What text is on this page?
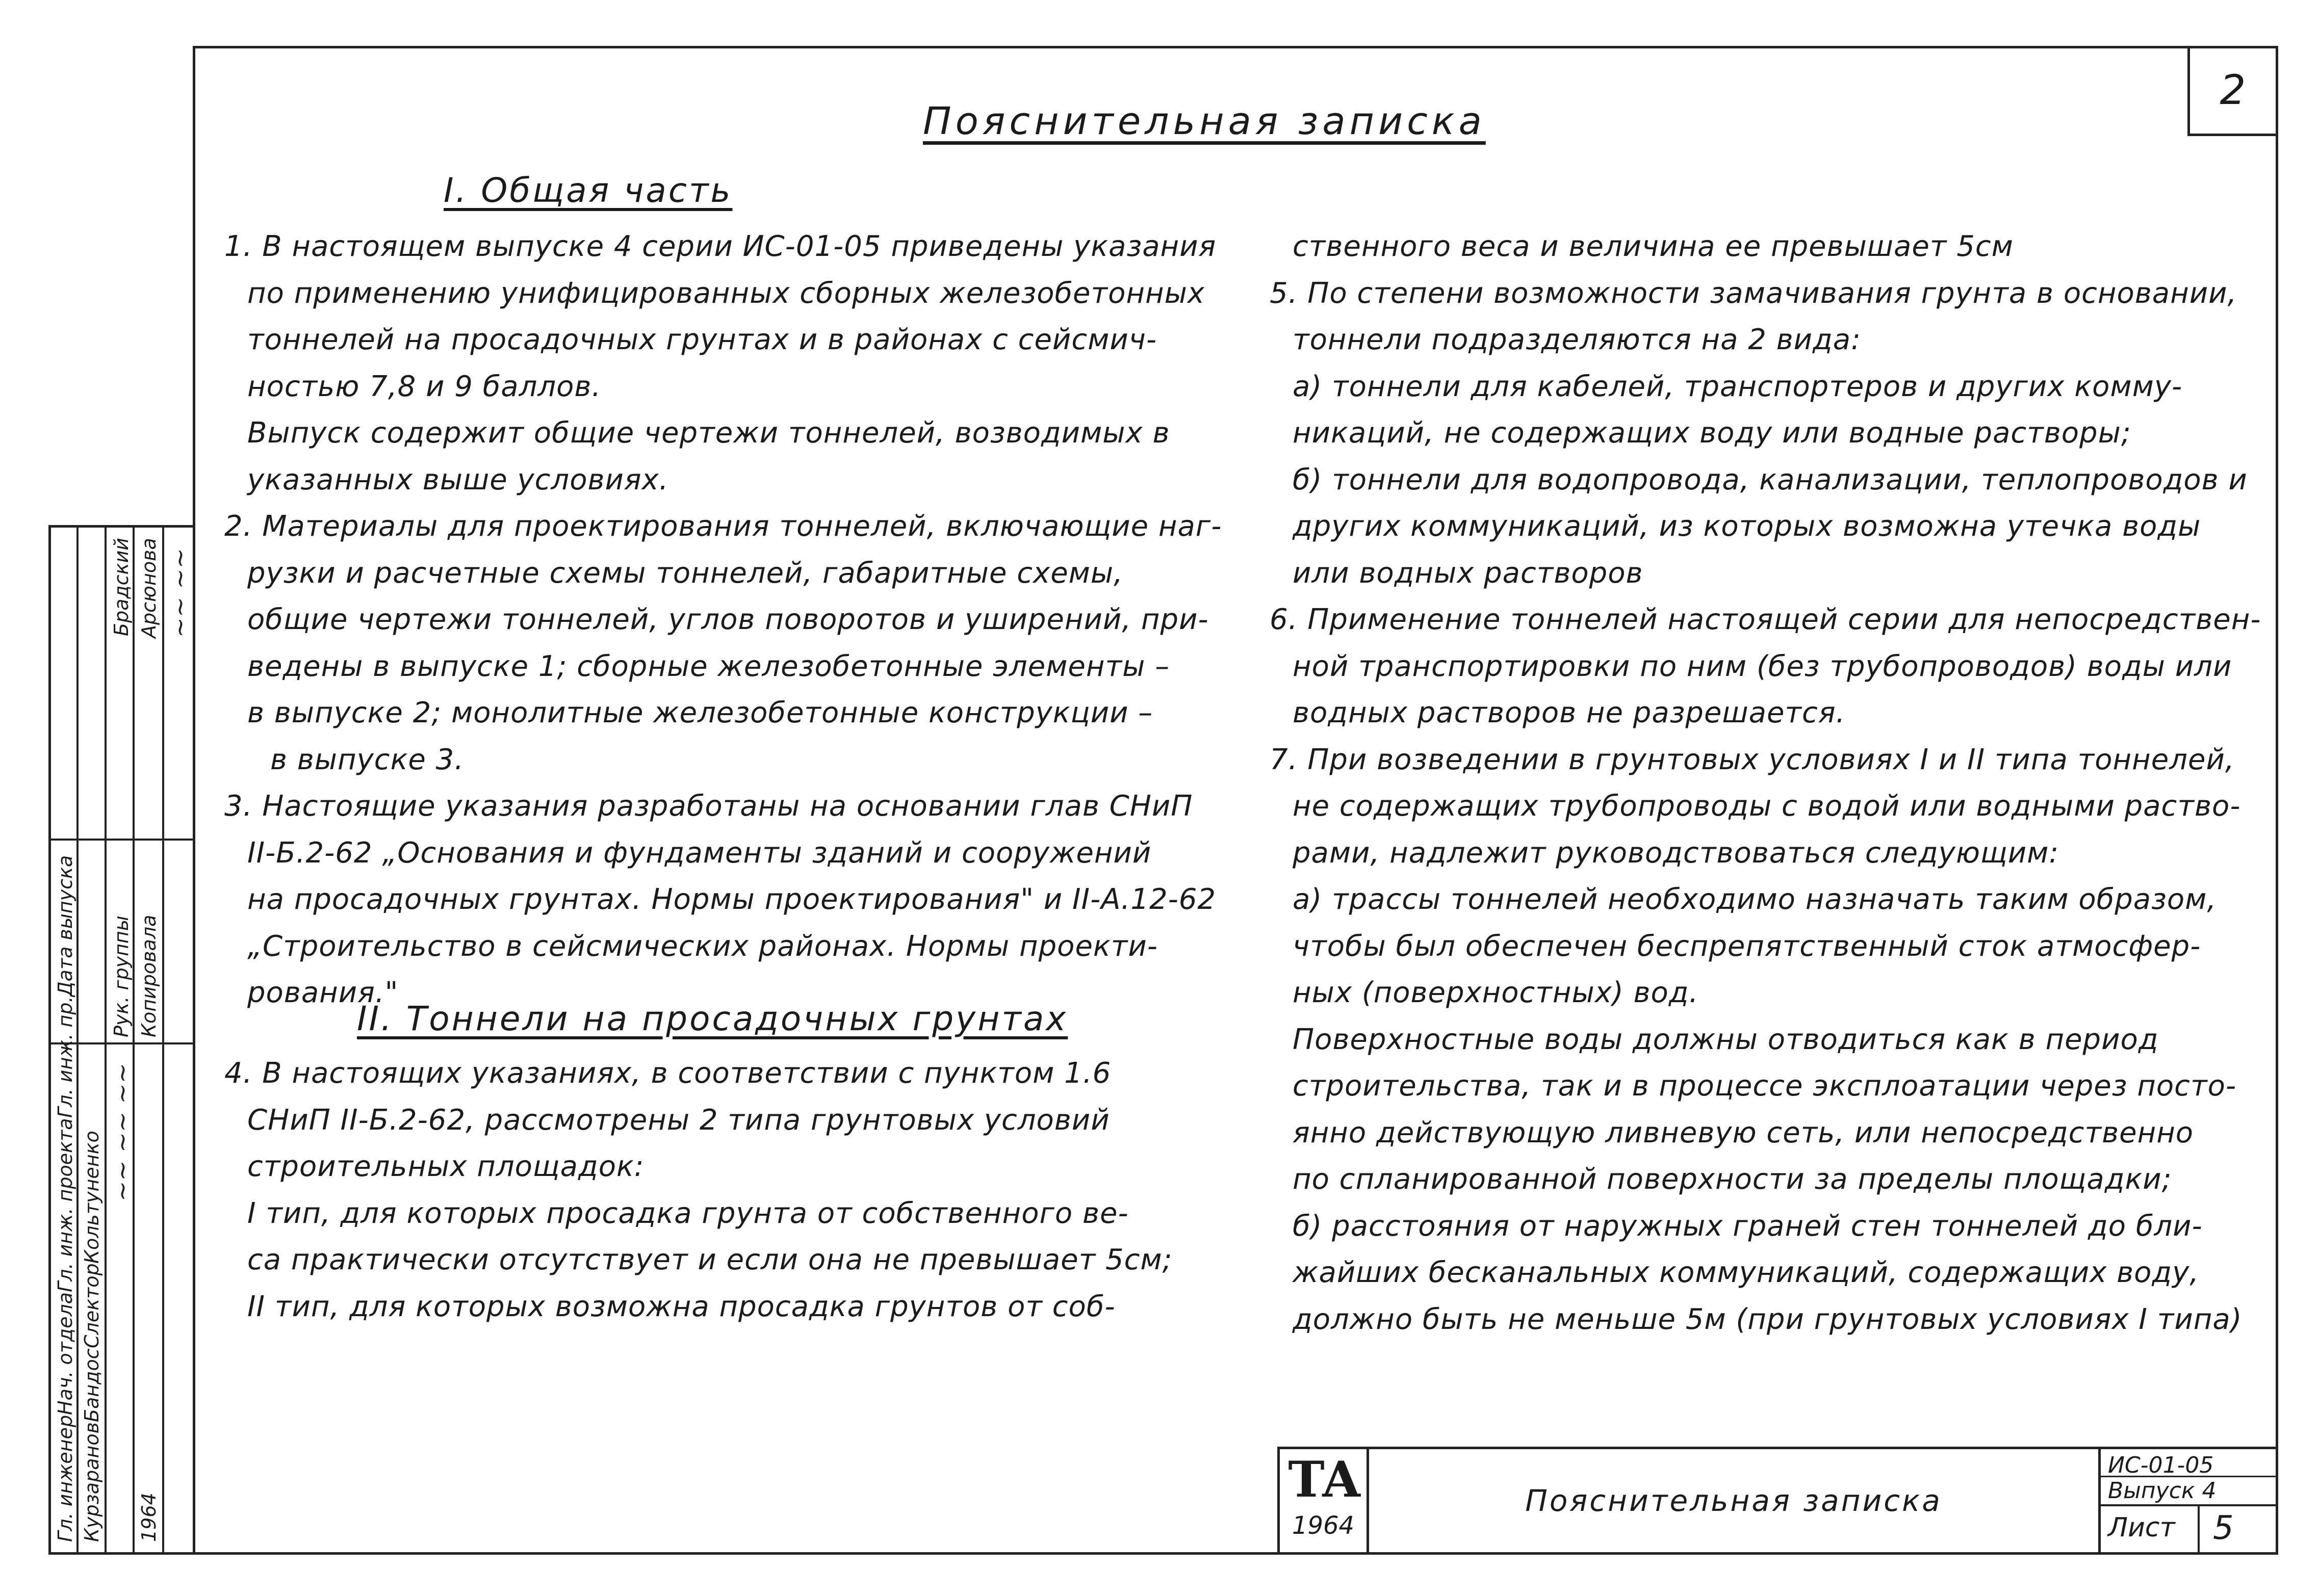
2
Пояснительная записка
I. Общая часть

1. В настоящем выпуске 4 серии ИС-01-05 приведены указания

по применению унифицированных сборных железобетонных

тоннелей на просадочных грунтах и в районах с сейсмич-

ностью 7,8 и 9 баллов.

Выпуск содержит общие чертежи тоннелей, возводимых в

указанных выше условиях.

2. Материалы для проектирования тоннелей, включающие наг-

рузки и расчетные схемы тоннелей, габаритные схемы,

общие чертежи тоннелей, углов поворотов и уширений, при-

ведены в выпуске 1; сборные железобетонные элементы –

в выпуске 2; монолитные железобетонные конструкции –

в выпуске 3.

3. Настоящие указания разработаны на основании глав СНиП

II-Б.2-62 „Основания и фундаменты зданий и сооружений

на просадочных грунтах. Нормы проектирования" и II-А.12-62

„Строительство в сейсмических районах. Нормы проекти-

рования."

II. Тоннели на просадочных грунтах

4. В настоящих указаниях, в соответствии с пунктом 1.6

СНиП II-Б.2-62, рассмотрены 2 типа грунтовых условий

строительных площадок:

I тип, для которых просадка грунта от собственного ве-

са практически отсутствует и если она не превышает 5см;

II тип, для которых возможна просадка грунтов от соб-

ственного веса и величина ее превышает 5см

5. По степени возможности замачивания грунта в основании,

тоннели подразделяются на 2 вида:

а) тоннели для кабелей, транспортеров и других комму-

никаций, не содержащих воду или водные растворы;

б) тоннели для водопровода, канализации, теплопроводов и

других коммуникаций, из которых возможна утечка воды

или водных растворов

6. Применение тоннелей настоящей серии для непосредствен-

ной транспортировки по ним (без трубопроводов) воды или

водных растворов не разрешается.

7. При возведении в грунтовых условиях I и II типа тоннелей,

не содержащих трубопроводы с водой или водными раство-

рами, надлежит руководствоваться следующим:

а) трассы тоннелей необходимо назначать таким образом,

чтобы был обеспечен беспрепятственный сток атмосфер-

ных (поверхностных) вод.

Поверхностные воды должны отводиться как в период

строительства, так и в процессе эксплоатации через посто-

янно действующую ливневую сеть, или непосредственно

по спланированной поверхности за пределы площадки;

б) расстояния от наружных граней стен тоннелей до бли-

жайших бесканальных коммуникаций, содержащих воду,

должно быть не меньше 5м (при грунтовых условиях I типа)

Гл. инженер
Нач. отдела
Гл. инж. проекта
Гл. инж. пр.
Дата выпуска
Курзаранов
Бандос
Слектор
Кольтуненко ~~ ~~ ~~
1964
Рук. группы
Брадский
Копировала
Арсюнова ~~ ~~
ТА
1964
Пояснительная записка
ИС-01-05
Выпуск 4
Лист 5
